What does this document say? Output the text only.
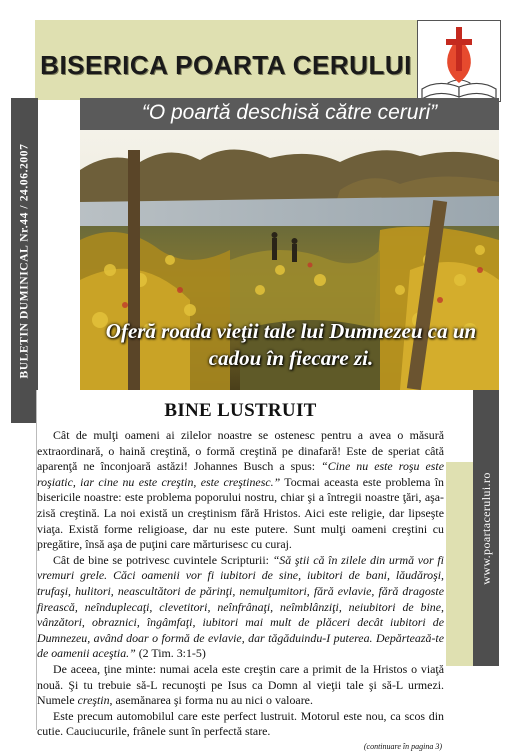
BISERICA POARTA CERULUI
“O poartă deschisă către ceruri”
BULETIN DUMINICAL Nr.44 / 24.06.2007	Oferă roada vieţii tale lui Dumnezeu ca un cadou în fiecare zi.
www.poartacerului.ro
BINE LUSTRUIT

Cât de mulţi oameni ai zilelor noastre se ostenesc pentru a avea o măsură extraordinară, o haină creştină, o formă creştină pe dinafară! Este de speriat câtă aparenţă ne înconjoară astăzi! Johannes Busch a spus: “Cine nu este roşu este roşiatic, iar cine nu este creştin, este creştinesc.” Tocmai aceasta este problema în bisericile noastre: este problema poporului nostru, chiar şi a întregii noastre ţări, aşa-zisă creştină. La noi există un creştinism fără Hristos. Aici este religie, dar lipseşte viaţa. Există forme religioase, dar nu este putere. Sunt mulţi oameni creştini cu pregătire, însă aşa de puţini care mărturisesc cu curaj.

Cât de bine se potrivesc cuvintele Scripturii: “Să ştii că în zilele din urmă vor fi vremuri grele. Căci oamenii vor fi iubitori de sine, iubitori de bani, lăudăroşi, trufaşi, hulitori, neascultători de părinţi, nemulţumitori, fără evlavie, fără dragoste firească, neînduplecaţi, clevetitori, neînfrânaţi, neîmblânziţi, neiubitori de bine, vânzători, obraznici, îngâmfaţi, iubitori mai mult de plăceri decât iubitori de Dumnezeu, având doar o formă de evlavie, dar tăgăduindu-I puterea. Depărtează-te de oamenii aceştia.” (2 Tim. 3:1-5)

De aceea, ţine minte: numai acela este creştin care a primit de la Hristos o viaţă nouă. Şi tu trebuie să-L recunoşti pe Isus ca Domn al vieţii tale şi să-L urmezi. Numele creştin, asemănarea şi forma nu au nici o valoare.

Este precum automobilul care este perfect lustruit. Motorul este nou, ca scos din cutie. Cauciucurile, frânele sunt în perfectă stare.

(continuare în pagina 3)
